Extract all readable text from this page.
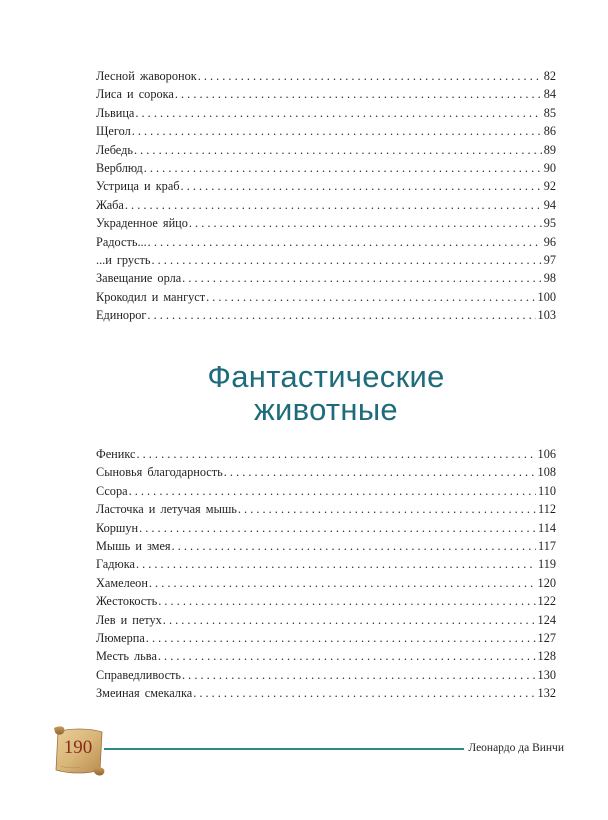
Лесной жаворонок . . .	82
Лиса и сорока . . .	84
Львица . . .	85
Щегол . . .	86
Лебедь . . .	89
Верблюд . . .	90
Устрица и краб . . .	92
Жаба . . .	94
Украденное яйцо . . .	95
Радость... . . .	96
...и грусть . . .	97
Завещание орла . . .	98
Крокодил и мангуст . . .	100
Единорог . . .	103
Фантастические
животные
Феникс . . .	106
Сыновья благодарность . . .	108
Ссора . . .	110
Ласточка и летучая мышь . . .	112
Коршун . . .	114
Мышь и змея . . .	117
Гадюка . . .	119
Хамелеон . . .	120
Жестокость . . .	122
Лев и петух . . .	124
Люмерпа . . .	127
Месть льва . . .	128
Справедливость . . .	130
Змеиная смекалка . . .	132
190	Леонардо да Винчи
